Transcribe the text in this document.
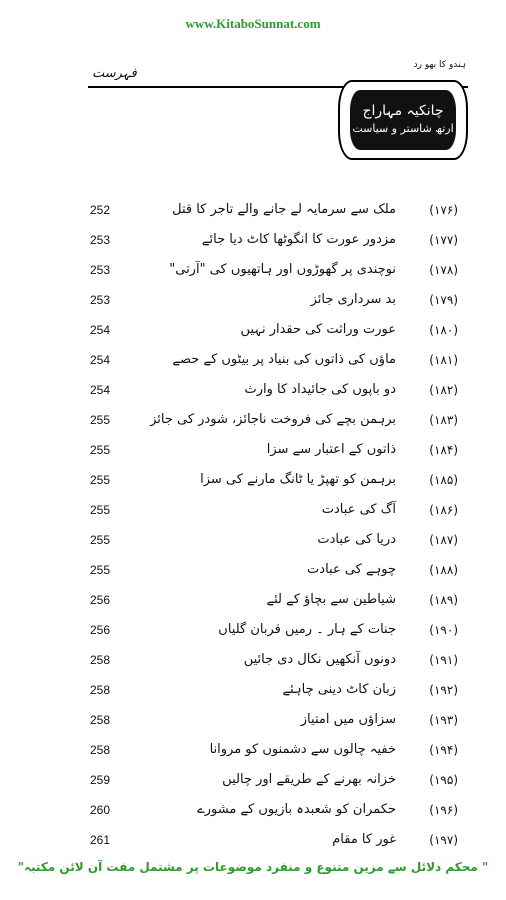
www.KitaboSunnat.com
فہرست
ہندو کا بھو رد
چانکیہ مہاراج
ارتھ شاستر و سیاست
252	ملک سے سرمایہ لے جانے والے تاجر کا قتل	(۱۷۶)
253	مزدور عورت کا انگوٹھا کاٹ دیا جائے	(۱۷۷)
253	نوچندی پر گھوڑوں اور ہاتھیوں کی "آرتی"	(۱۷۸)
253	بد سرداری جائز	(۱۷۹)
254	عورت وراثت کی حقدار نہیں	(۱۸۰)
254	ماؤں کی ذاتوں کی بنیاد پر بیٹوں کے حصے	(۱۸۱)
254	دو باپوں کی جائیداد کا وارث	(۱۸۲)
255	برہمن بچے کی فروخت ناجائز، شودر کی جائز	(۱۸۳)
255	ذاتوں کے اعتبار سے سزا	(۱۸۴)
255	برہمن کو تھپڑ یا ٹانگ مارنے کی سزا	(۱۸۵)
255	آگ کی عبادت	(۱۸۶)
255	دریا کی عبادت	(۱۸۷)
255	چوہے کی عبادت	(۱۸۸)
256	شیاطین سے بچاؤ کے لئے	(۱۸۹)
256	جنات کے ہار ۔ رمیں قربان گلیاں	(۱۹۰)
258	دونوں آنکھیں نکال دی جائیں	(۱۹۱)
258	زبان کاٹ دینی چاہئے	(۱۹۲)
258	سزاؤں میں امتیاز	(۱۹۳)
258	خفیہ چالوں سے دشمنوں کو مروانا	(۱۹۴)
259	خزانہ بھرنے کے طریقے اور چالیں	(۱۹۵)
260	حکمران کو شعبدہ بازیوں کے مشورے	(۱۹۶)
261	غور کا مقام	(۱۹۷)
" محکم دلائل سے مزین متنوع و منفرد موضوعات پر مشتمل مفت آن لائن مکتبہ"
